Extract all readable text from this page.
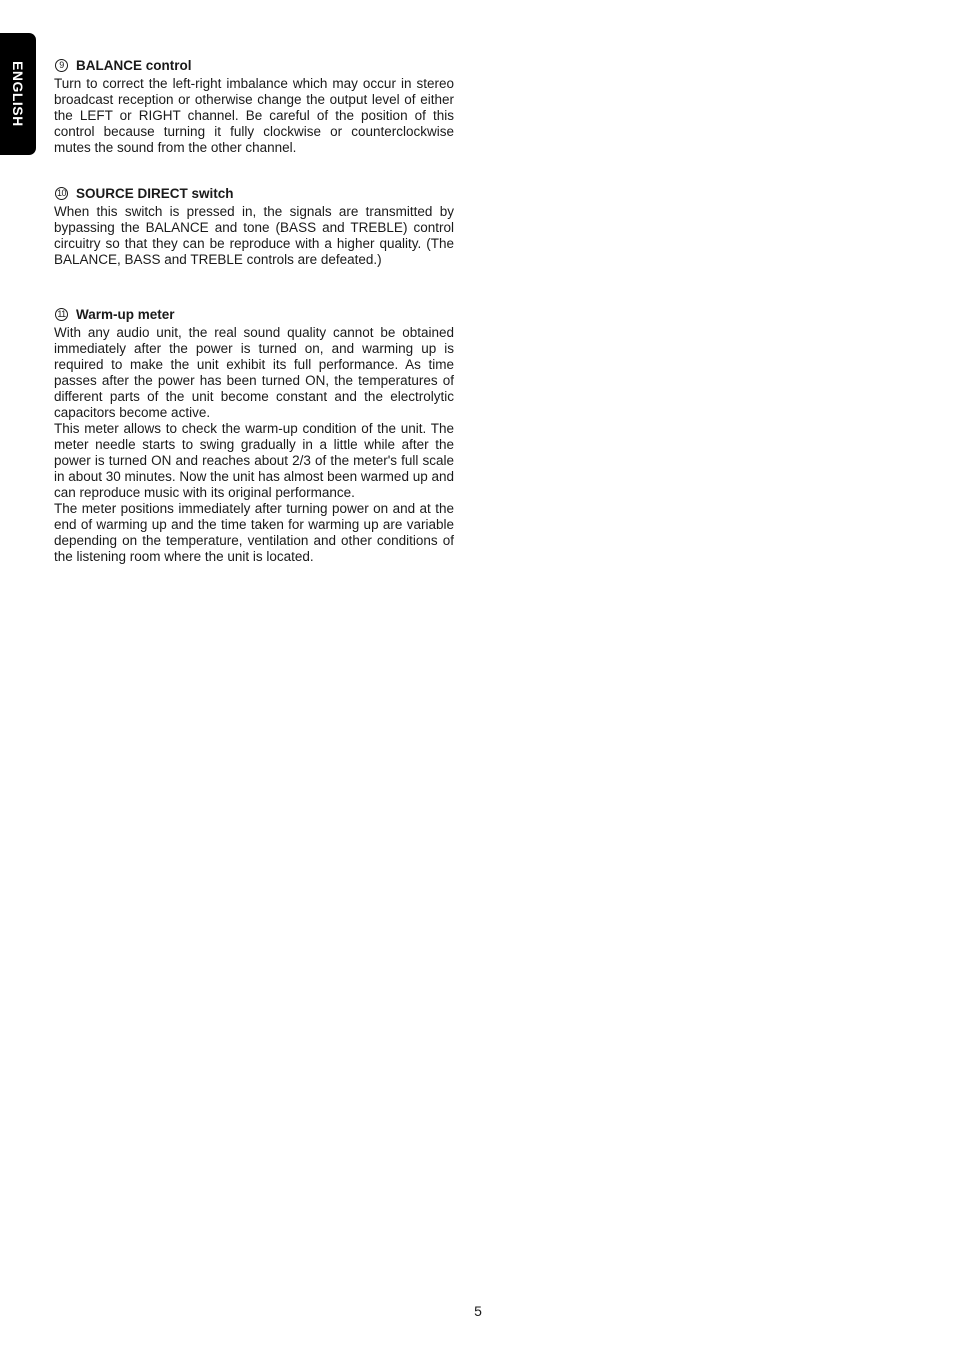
ENGLISH	9 BALANCE control

Turn to correct the left-right imbalance which may occur in stereo broadcast reception or otherwise change the output level of either the LEFT or RIGHT channel. Be careful of the position of this control because turning it fully clockwise or counterclockwise mutes the sound from the other channel.

10 SOURCE DIRECT switch

When this switch is pressed in, the signals are transmitted by bypassing the BALANCE and tone (BASS and TREBLE) control circuitry so that they can be reproduce with a higher quality. (The BALANCE, BASS and TREBLE controls are defeated.)

11 Warm-up meter

With any audio unit, the real sound quality cannot be obtained immediately after the power is turned on, and warming up is required to make the unit exhibit its full performance. As time passes after the power has been turned ON, the temperatures of different parts of the unit become constant and the electrolytic capacitors become active.

This meter allows to check the warm-up condition of the unit. The meter needle starts to swing gradually in a little while after the power is turned ON and reaches about 2/3 of the meter's full scale in about 30 minutes. Now the unit has almost been warmed up and can reproduce music with its original performance.

The meter positions immediately after turning power on and at the end of warming up and the time taken for warming up are variable depending on the temperature, ventilation and other conditions of the listening room where the unit is located.

5
